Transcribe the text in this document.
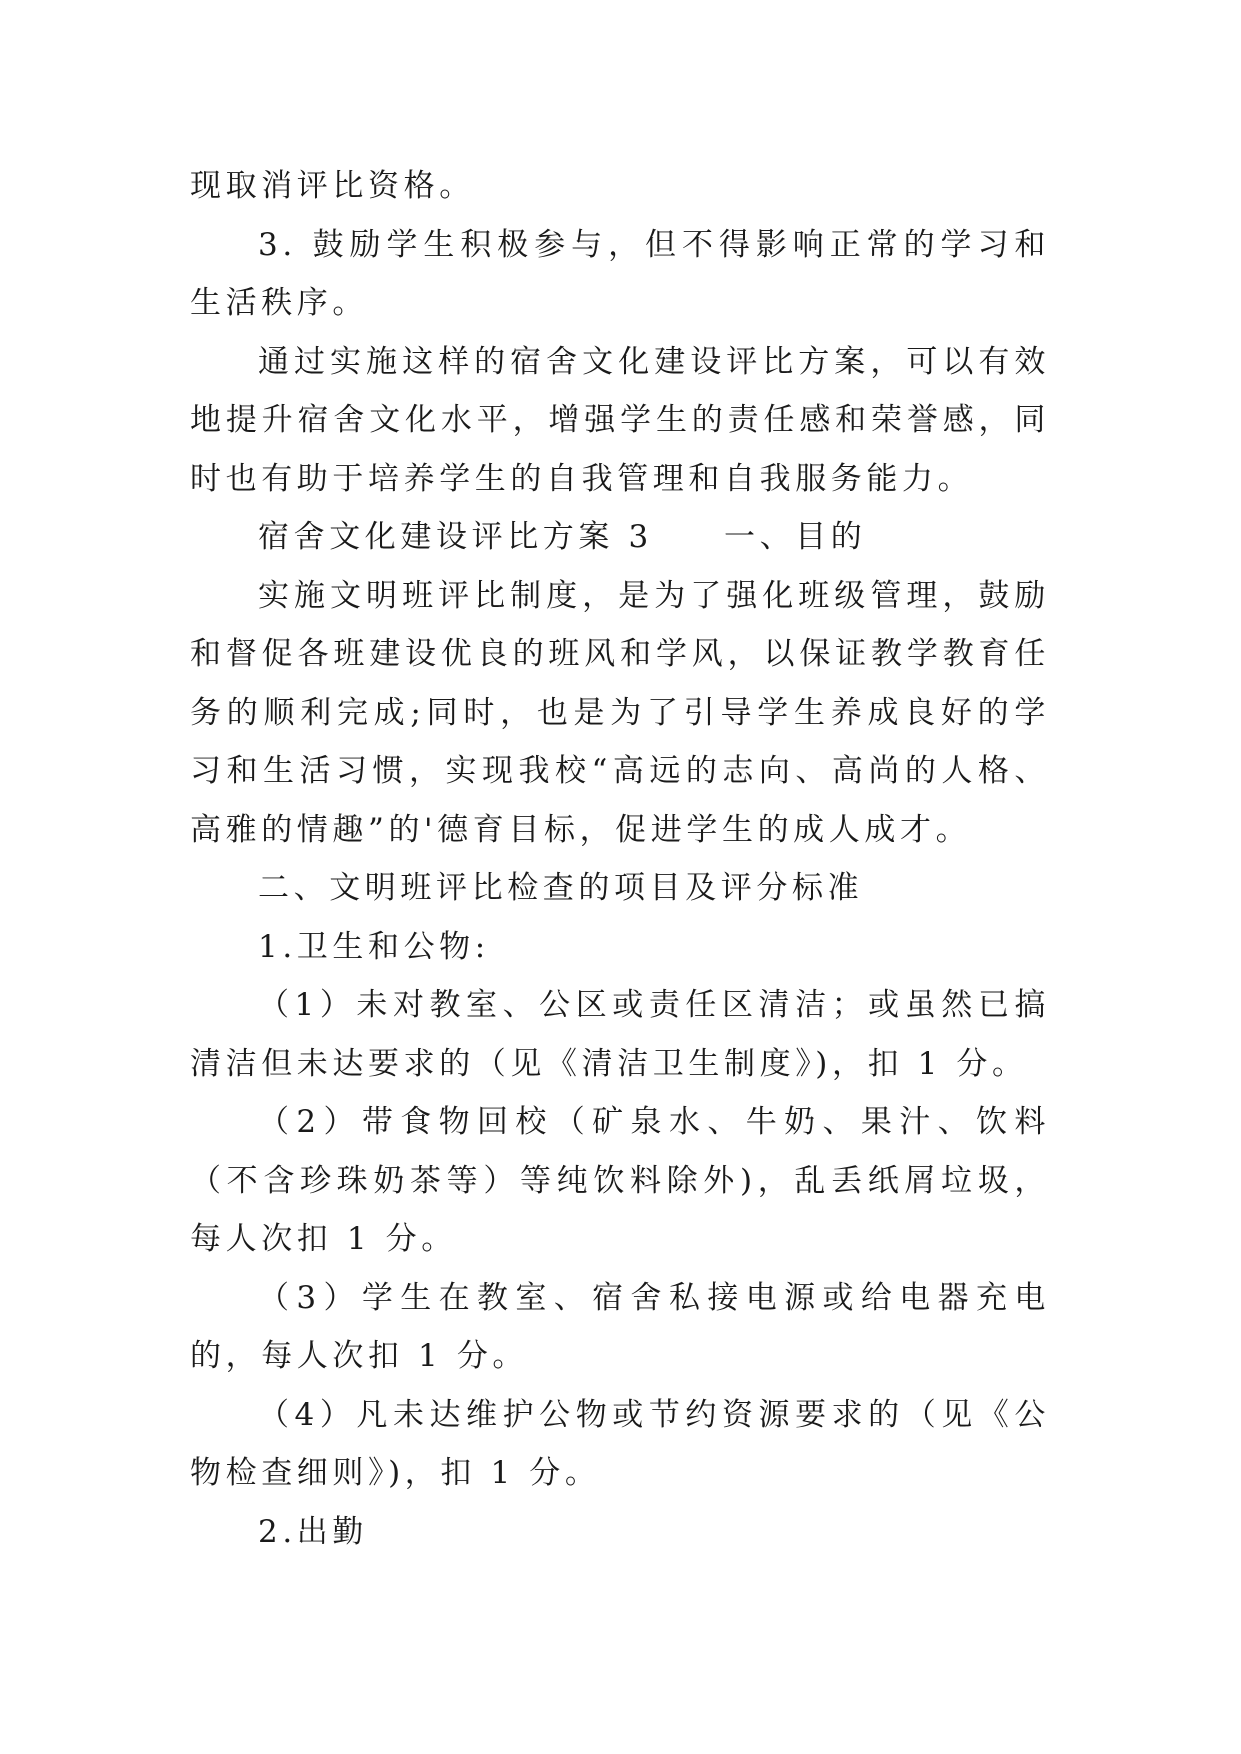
现取消评比资格。

3. 鼓励学生积极参与，但不得影响正常的学习和生活秩序。

通过实施这样的宿舍文化建设评比方案，可以有效地提升宿舍文化水平，增强学生的责任感和荣誉感，同时也有助于培养学生的自我管理和自我服务能力。

宿舍文化建设评比方案 3　　一、目的

实施文明班评比制度，是为了强化班级管理，鼓励和督促各班建设优良的班风和学风，以保证教学教育任务的顺利完成;同时，也是为了引导学生养成良好的学习和生活习惯，实现我校“高远的志向、高尚的人格、高雅的情趣”的'德育目标，促进学生的成人成才。

二、文明班评比检查的项目及评分标准

1.卫生和公物:

（1）未对教室、公区或责任区清洁；或虽然已搞清洁但未达要求的（见《清洁卫生制度》)，扣 1 分。

（2）带食物回校（矿泉水、牛奶、果汁、饮料（不含珍珠奶茶等）等纯饮料除外)，乱丢纸屑垃圾，每人次扣 1 分。

（3）学生在教室、宿舍私接电源或给电器充电的，每人次扣 1 分。

（4）凡未达维护公物或节约资源要求的（见《公物检查细则》)，扣 1 分。

2.出勤
